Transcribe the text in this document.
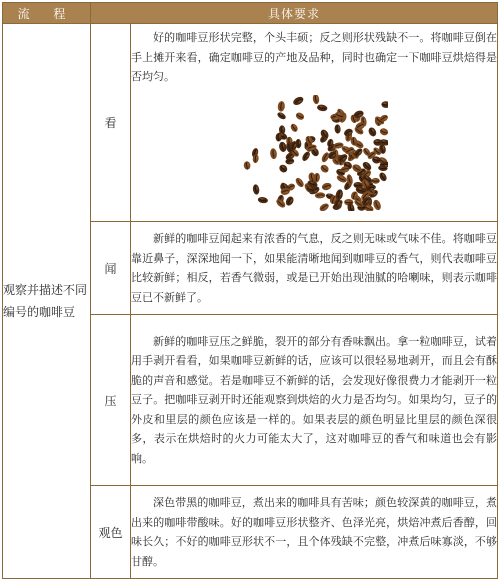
流 程	具体要求	
观察并描述不同编号的咖啡豆	看	好的咖啡豆形状完整，个头丰硕；反之则形状残缺不一。将咖啡豆倒在手上摊开来看，确定咖啡豆的产地及品种，同时也确定一下咖啡豆烘焙得是否均匀。

	闻	新鲜的咖啡豆闻起来有浓香的气息，反之则无味或气味不佳。将咖啡豆靠近鼻子，深深地闻一下，如果能清晰地闻到咖啡豆的香气，则代表咖啡豆比较新鲜；相反，若香气微弱，或是已开始出现油腻的哈喇味，则表示咖啡豆已不新鲜了。

	压	新鲜的咖啡豆压之鲜脆，裂开的部分有香味飘出。拿一粒咖啡豆，试着用手剥开看看，如果咖啡豆新鲜的话，应该可以很轻易地剥开，而且会有酥脆的声音和感觉。若是咖啡豆不新鲜的话，会发现好像很费力才能剥开一粒豆子。把咖啡豆剥开时还能观察到烘焙的火力是否均匀。如果均匀，豆子的外皮和里层的颜色应该是一样的。如果表层的颜色明显比里层的颜色深很多，表示在烘焙时的火力可能太大了，这对咖啡豆的香气和味道也会有影响。

	观色	深色带黑的咖啡豆，煮出来的咖啡具有苦味；颜色较深黄的咖啡豆，煮出来的咖啡带酸味。好的咖啡豆形状整齐、色泽光亮，烘焙冲煮后香醇，回味长久；不好的咖啡豆形状不一，且个体残缺不完整，冲煮后味寡淡，不够甘醇。
